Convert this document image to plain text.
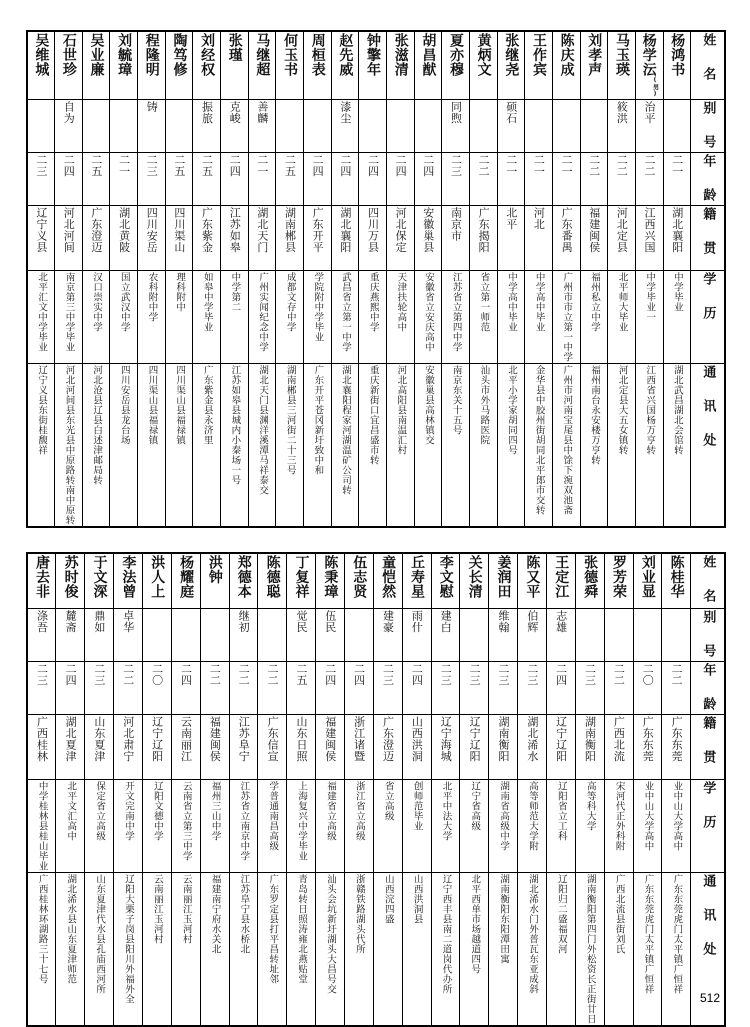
吴维城	石世珍	吴业廉	刘毓璋	程隆明	陶笃修	刘经权	张瑾	马继超	何玉书	周桓表	赵先威	钟擎年	张滋清	胡昌猷	夏亦穆	黄炳文	张继尧	王作宾	陈庆成	刘孝声	马玉瑛	杨学沄$^{(男)}$	杨鸿书	姓 名

	自为			铸		振旅	克峻	善麟			漆尘				同煦		硕石				筱洪	治平		别 号

二三	二四	二五	二一	二三	二五	二五	二四	二一	二五	二四	二四	二四	二四	二四	二三	二二	二一	二一	二一	二二	二二	二二	二一	年 龄

辽宁义县	河北河间	广东澄迈	湖北黄陂	四川安岳	四川渠山	广东紫金	江苏如皋	湖北天门	湖南郴县	广东开平	湖北襄阳	四川万县	河北保定	安徽巢县	南京市	广东揭阳	北平	河北	广东番禺	福建闽侯	河北定县	江西兴国	湖北襄阳	籍 贯

北平汇文中学毕业	南京第三中学毕业	汉口崇实中学	国立武汉中学	农科附中学	理科附中	如皋中学毕业	中学第二	广州实闻纪念中学	成都文存中学	学院附中学毕业	武昌省立第一中学	重庆燕熙中学	天津扶轮高中	安徽省立安庆高中	江苏省立第四中学	省立第一师范	中学高中毕业	中学高中毕业	广州市市立第一中学	福州私立中学	北平师大毕业	中学毕业一	中学毕业	学 历

辽宁义县东街桂馥祥	河北河间县东光县中原路转南中原转	河北沧县辽县白述津邮局转	四川安岳县龙台场	四川渠山县福禄镇	四川渠山县福禄镇	广东紫金县永济里	江苏如皋县城内小秦场一号	湖北天门县渊洋溪潭马祥泰交	湖南郴县三河街二十三号	广东开平苍冈新圩致中和	湖北襄阳程家河湖温矿公司转	重庆新街口宜昌盛市转	河北高阳县南温汇村	安徽巢县高林镇交	南京东关十五号	汕头市外马路医院	北平小学家胡同四号	金华县中胶州街胡同北平郎市交转	广州市河南宝尾县中馀下涴双池斋	福州南台永安楼万亨转	河北定县大五女镇转	江西省兴国杨万亨转	湖北武昌湖北会馆转	通 讯 处
唐去非	苏时俊	于文深	李法曾	洪人上	杨耀庭	洪钟	郑德本	陈德聪	丁复祥	陈秉璋	伍志贤	童恺然	丘寿星	李文慰	关长清	姜润田	陈又平	王定江	张德舜	罗芳荣	刘业显	陈桂华	姓 名

涤吾	麓斋	鼎如	卓华				继初		觉民	伍民		建豪	雨什	建白		维翰	伯辉	志雄					别 号

二三	二四	二三	二二	二〇	二四	二二	二二	二二	二五	二四	二四	二三	二四	二三	二三	二三	二三	二四	二三	二二	二〇	二二	年 龄

广西桂林	湖北夏津	山东夏津	河北肃宁	辽宁辽阳	云南丽江	福建闽侯	江苏阜宁	广东信宣	山东日照	福建闽侯	浙江诸暨	广东澄迈	山西洪洞	辽宁海城	辽宁辽阳	湖南衡阳	湖北浠水	辽宁辽阳	湖南衡阳	广西北流	广东东莞	广东东莞	籍 贯

中学桂林县桂山毕业	北平文汇高中	保定省立高级	开文完南中学	辽阳文德中学	云南省立第三中学	福州三山中学	江苏省立南京中学	学普通南昌高级	上海复兴中学毕业	福建省立高级	浙江省立高级	省立高级	创师范毕业	北平中法大学	辽宁省高级	湖南省高级中学	高等师范大学附	辽阳省立工科	高等科大学	宋河代正外科附	业中山大学高中	业中山大学高中	学 历

广西桂林环湖路三十七号	湖北浠水县山东夏津师范	山东夏津代水县孔庙西河所	辽阳大栗子岗县阳川外福外全	云南丽江玉河村	云南丽江玉河村	福建南宁府水关北	江苏阜宁县水桥北	广东罗定县打平昌转址邻	青岛转日照涛雍北燕贴堂	汕头会坑新圩湖头大昌号交	浙赣铁路湖头代所	山西浣四盛	山西洪洞县	辽宁西丰县南二道岗代办所	北平西单市场越道四号	湖南衡阳东阳潭田寓	湖北浠水门外普瓦东亚成斜	辽阳归二盛福双河	湖南衡阳第四门外松资长正街廿日	广西北流县街刘氏	广东东莞虎门太平镇广恒祥	广东东莞虎门太平镇广恒祥	通 讯 处
512
